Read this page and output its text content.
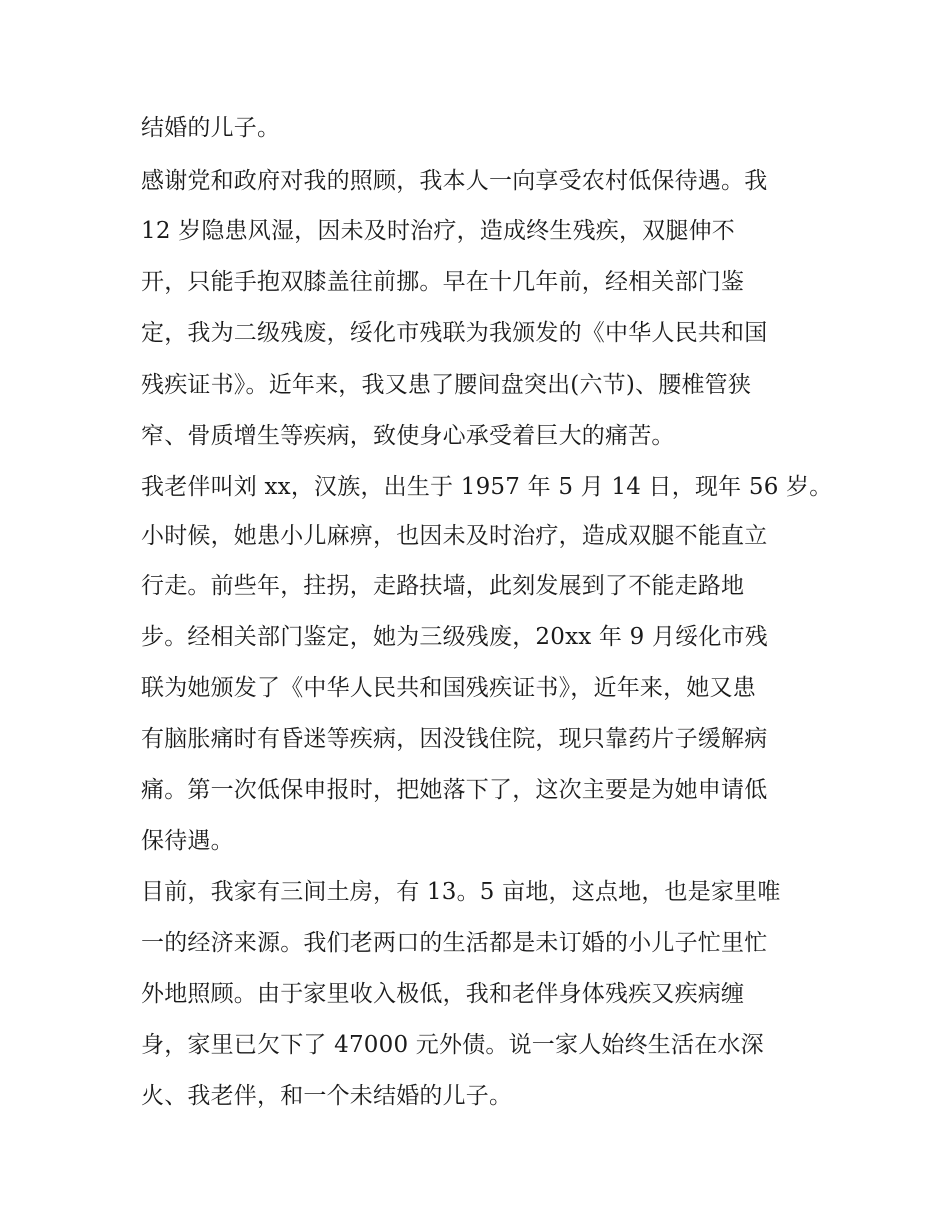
结婚的儿子。
感谢党和政府对我的照顾，我本人一向享受农村低保待遇。我
12 岁隐患风湿，因未及时治疗，造成终生残疾，双腿伸不
开，只能手抱双膝盖往前挪。早在十几年前，经相关部门鉴
定，我为二级残废，绥化市残联为我颁发的《中华人民共和国
残疾证书》。近年来，我又患了腰间盘突出(六节)、腰椎管狭
窄、骨质增生等疾病，致使身心承受着巨大的痛苦。
我老伴叫刘 xx，汉族，出生于 1957 年 5 月 14 日，现年 56 岁。
小时候，她患小儿麻痹，也因未及时治疗，造成双腿不能直立
行走。前些年，拄拐，走路扶墙，此刻发展到了不能走路地
步。经相关部门鉴定，她为三级残废，20xx 年 9 月绥化市残
联为她颁发了《中华人民共和国残疾证书》，近年来，她又患
有脑胀痛时有昏迷等疾病，因没钱住院，现只靠药片子缓解病
痛。第一次低保申报时，把她落下了，这次主要是为她申请低
保待遇。
目前，我家有三间土房，有 13。5 亩地，这点地，也是家里唯
一的经济来源。我们老两口的生活都是未订婚的小儿子忙里忙
外地照顾。由于家里收入极低，我和老伴身体残疾又疾病缠
身，家里已欠下了 47000 元外债。说一家人始终生活在水深
火、我老伴，和一个未结婚的儿子。
